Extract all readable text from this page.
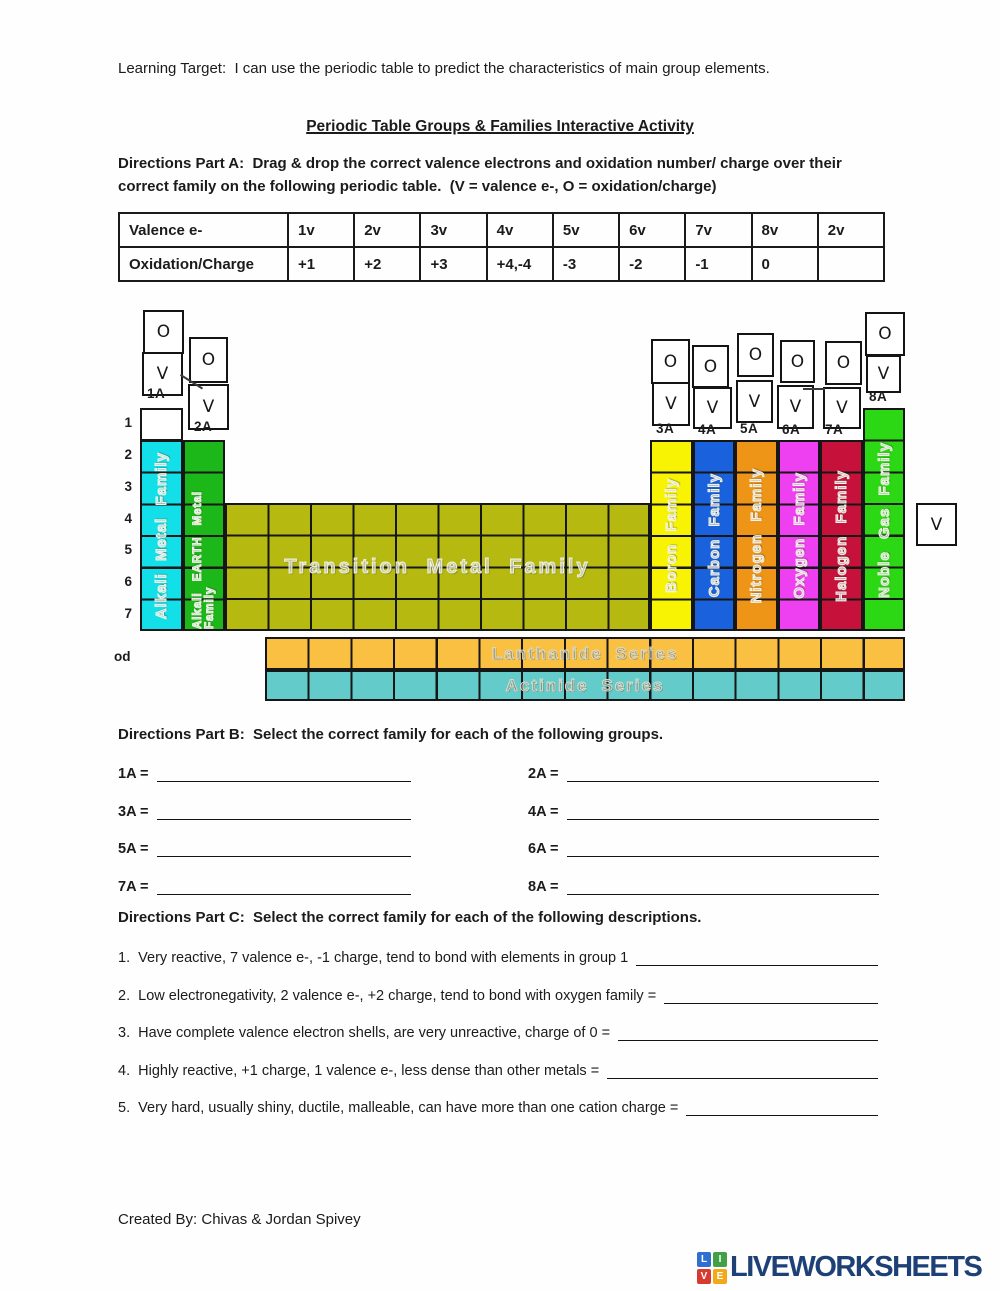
Learning Target:  I can use the periodic table to predict the characteristics of main group elements.
Periodic Table Groups & Families Interactive Activity
Directions Part A:  Drag & drop the correct valence electrons and oxidation number/ charge over their
correct family on the following periodic table.  (V = valence e-, O = oxidation/charge)
Valence e-	1v	2v	3v	4v	5v	6v	7v	8v	2v
Oxidation/Charge	+1	+2	+3	+4,-4	-3	-2	-1	0	
O
V
O
V
O
V
O
V
O
V
O
V
O
V
O
V
V
1A
2A	3A 4A 5A 6A 7A
8A
1
2
3
4
5
6
7
od
Alkali Metal Family Alkali EARTH Metal Family
Transition Metal Family	Boron Family Carbon Family Nitrogen Family Oxygen Family Halogen Family Noble Gas Family
Lanthanide Series
Actinide Series
Directions Part B:  Select the correct family for each of the following groups.
1A =	2A =
3A =	4A =
5A =	6A =
7A =	8A =
Directions Part C:  Select the correct family for each of the following descriptions.
1.  Very reactive, 7 valence e-, -1 charge, tend to bond with elements in group 1
2.  Low electronegativity, 2 valence e-, +2 charge, tend to bond with oxygen family =
3.  Have complete valence electron shells, are very unreactive, charge of 0 =
4.  Highly reactive, +1 charge, 1 valence e-, less dense than other metals =
5.  Very hard, usually shiny, ductile, malleable, can have more than one cation charge =
Created By: Chivas & Jordan Spivey
L	I
V E LIVEWORKSHEETS
